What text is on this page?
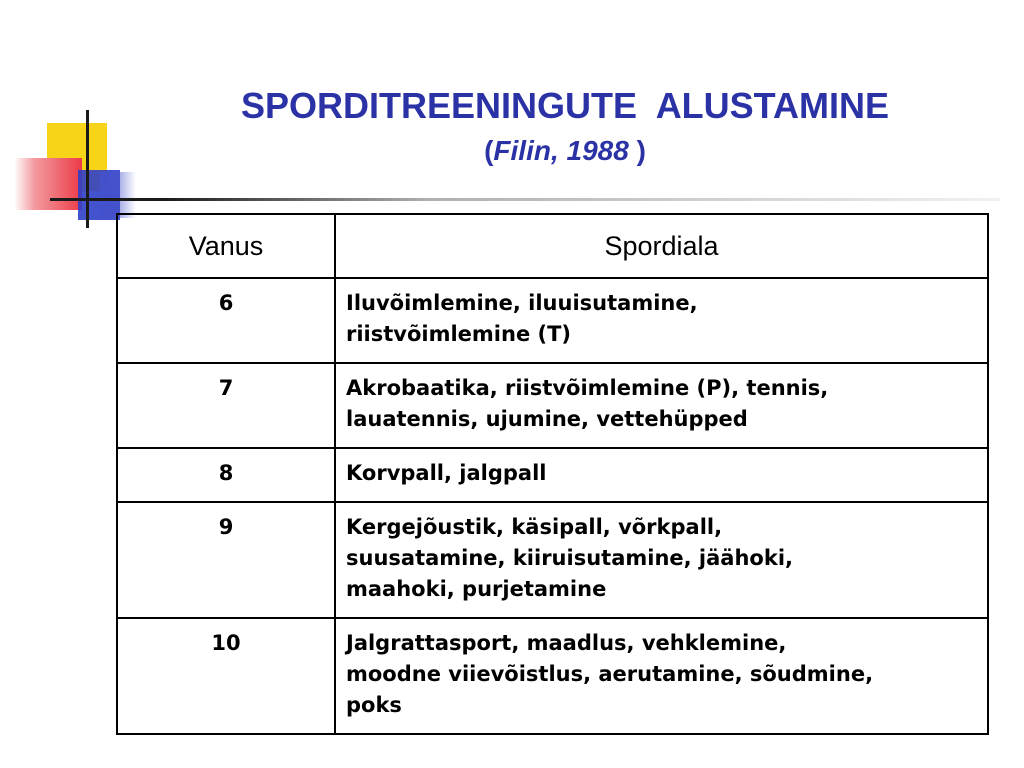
SPORDITREENINGUTE  ALUSTAMINE
(Filin, 1988 )
Vanus	Spordiala
6	Iluvõimlemine, iluuisutamine,
riistvõimlemine (T)

7	Akrobaatika, riistvõimlemine (P), tennis,
lauatennis, ujumine, vettehüpped

8	Korvpall, jalgpall

9	Kergejõustik, käsipall, võrkpall,
suusatamine, kiiruisutamine, jäähoki,
maahoki, purjetamine

10	Jalgrattasport, maadlus, vehklemine,
moodne viievõistlus, aerutamine, sõudmine,
poks
